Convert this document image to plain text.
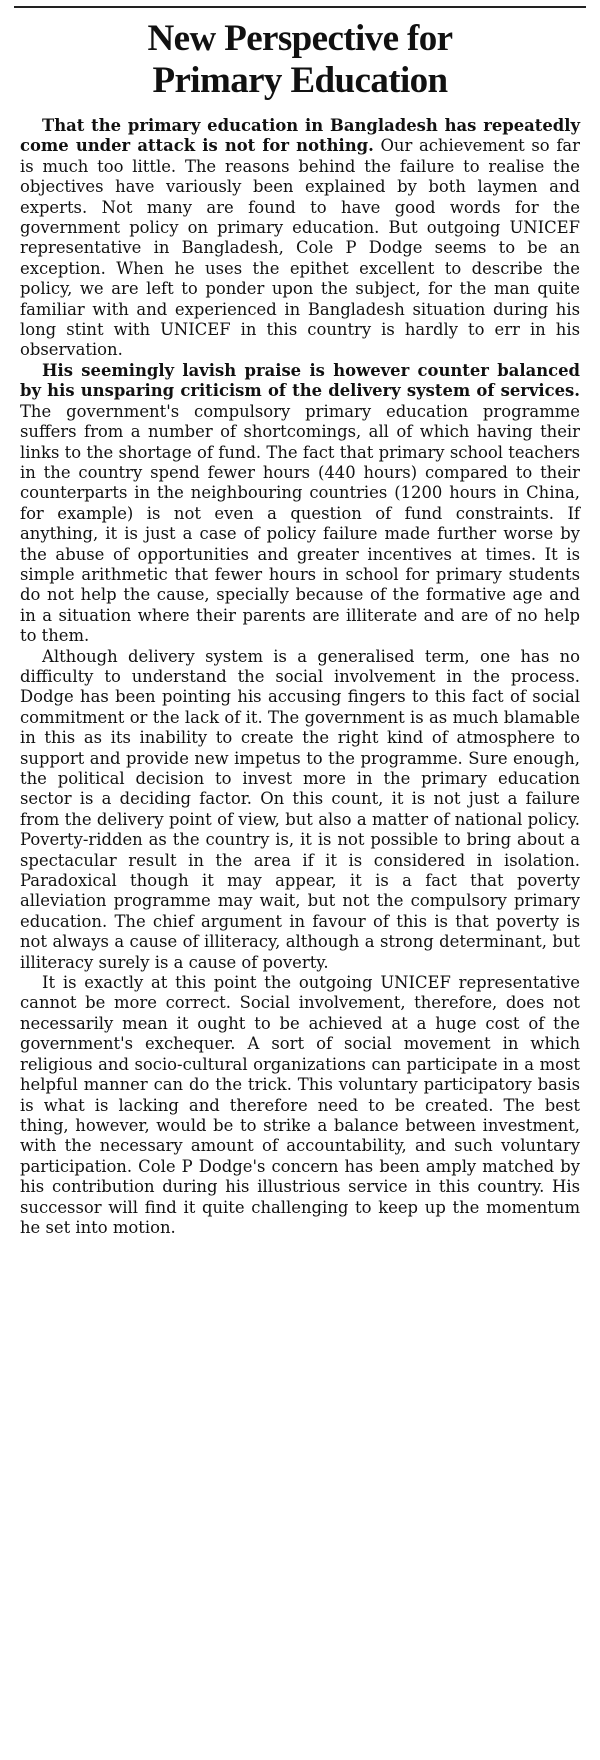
New Perspective for
Primary Education

That the primary education in Bangladesh has repeatedly come under attack is not for nothing. Our achievement so far is much too little. The reasons behind the failure to realise the objectives have variously been explained by both laymen and experts. Not many are found to have good words for the government policy on primary education. But outgoing UNICEF representative in Bangladesh, Cole P Dodge seems to be an exception. When he uses the epithet excellent to describe the policy, we are left to ponder upon the subject, for the man quite familiar with and experienced in Bangladesh situation during his long stint with UNICEF in this country is hardly to err in his observation.

His seemingly lavish praise is however counter balanced by his unsparing criticism of the delivery system of services. The government's compulsory primary education programme suffers from a number of shortcomings, all of which having their links to the shortage of fund. The fact that primary school teachers in the country spend fewer hours (440 hours) compared to their counterparts in the neighbouring countries (1200 hours in China, for example) is not even a question of fund constraints. If anything, it is just a case of policy failure made further worse by the abuse of opportunities and greater incentives at times. It is simple arithmetic that fewer hours in school for primary students do not help the cause, specially because of the formative age and in a situation where their parents are illiterate and are of no help to them.

Although delivery system is a generalised term, one has no difficulty to understand the social involvement in the process. Dodge has been pointing his accusing fingers to this fact of social commitment or the lack of it. The government is as much blamable in this as its inability to create the right kind of atmosphere to support and provide new impetus to the programme. Sure enough, the political decision to invest more in the primary education sector is a deciding factor. On this count, it is not just a failure from the delivery point of view, but also a matter of national policy. Poverty-ridden as the country is, it is not possible to bring about a spectacular result in the area if it is considered in isolation. Paradoxical though it may appear, it is a fact that poverty alleviation programme may wait, but not the compulsory primary education. The chief argument in favour of this is that poverty is not always a cause of illiteracy, although a strong determinant, but illiteracy surely is a cause of poverty.

It is exactly at this point the outgoing UNICEF representative cannot be more correct. Social involvement, therefore, does not necessarily mean it ought to be achieved at a huge cost of the government's exchequer. A sort of social movement in which religious and socio-cultural organizations can participate in a most helpful manner can do the trick. This voluntary participatory basis is what is lacking and therefore need to be created. The best thing, however, would be to strike a balance between investment, with the necessary amount of accountability, and such voluntary participation. Cole P Dodge's concern has been amply matched by his contribution during his illustrious service in this country. His successor will find it quite challenging to keep up the momentum he set into motion.
